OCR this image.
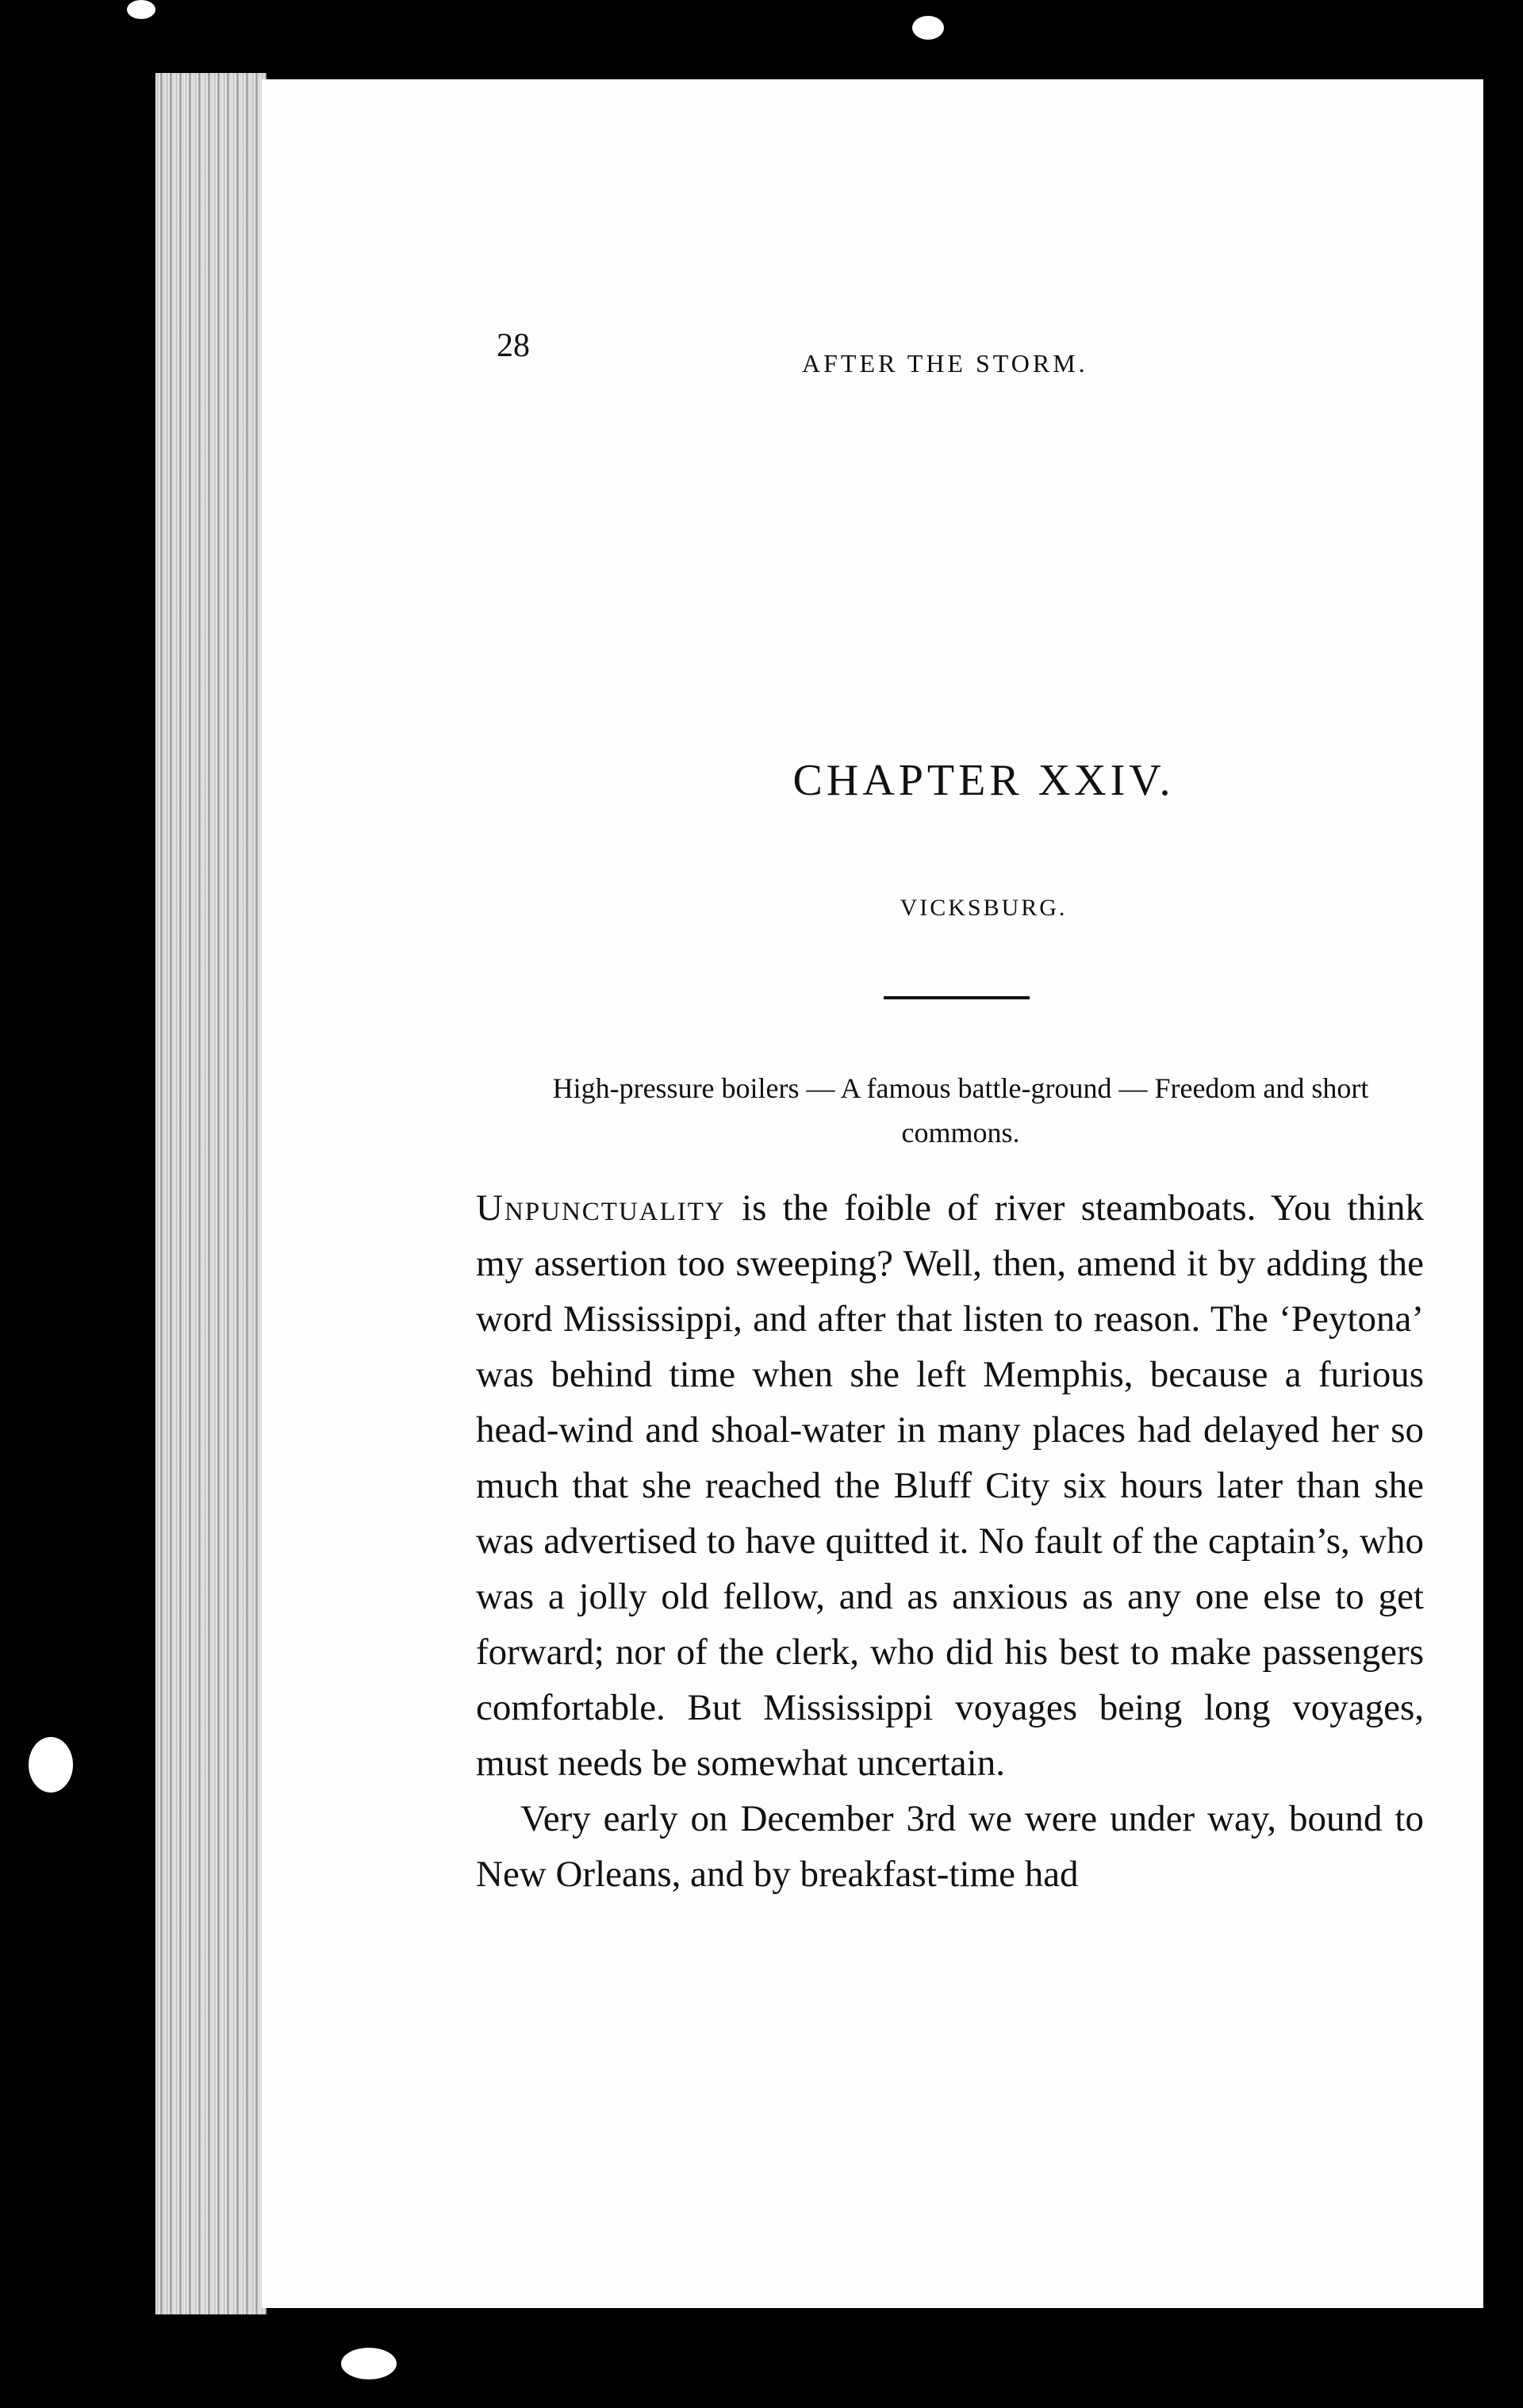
28	AFTER THE STORM.
CHAPTER XXIV.
VICKSBURG.
High-pressure boilers — A famous battle-ground — Freedom and short commons.

Unpunctuality is the foible of river steamboats. You think my assertion too sweeping? Well, then, amend it by adding the word Mississippi, and after that listen to reason. The ‘Peytona’ was behind time when she left Memphis, because a furious head-wind and shoal-water in many places had delayed her so much that she reached the Bluff City six hours later than she was advertised to have quitted it. No fault of the captain’s, who was a jolly old fellow, and as anxious as any one else to get forward; nor of the clerk, who did his best to make passengers comfortable. But Mississippi voyages being long voyages, must needs be somewhat uncertain.

Very early on December 3rd we were under way, bound to New Orleans, and by breakfast-time had
